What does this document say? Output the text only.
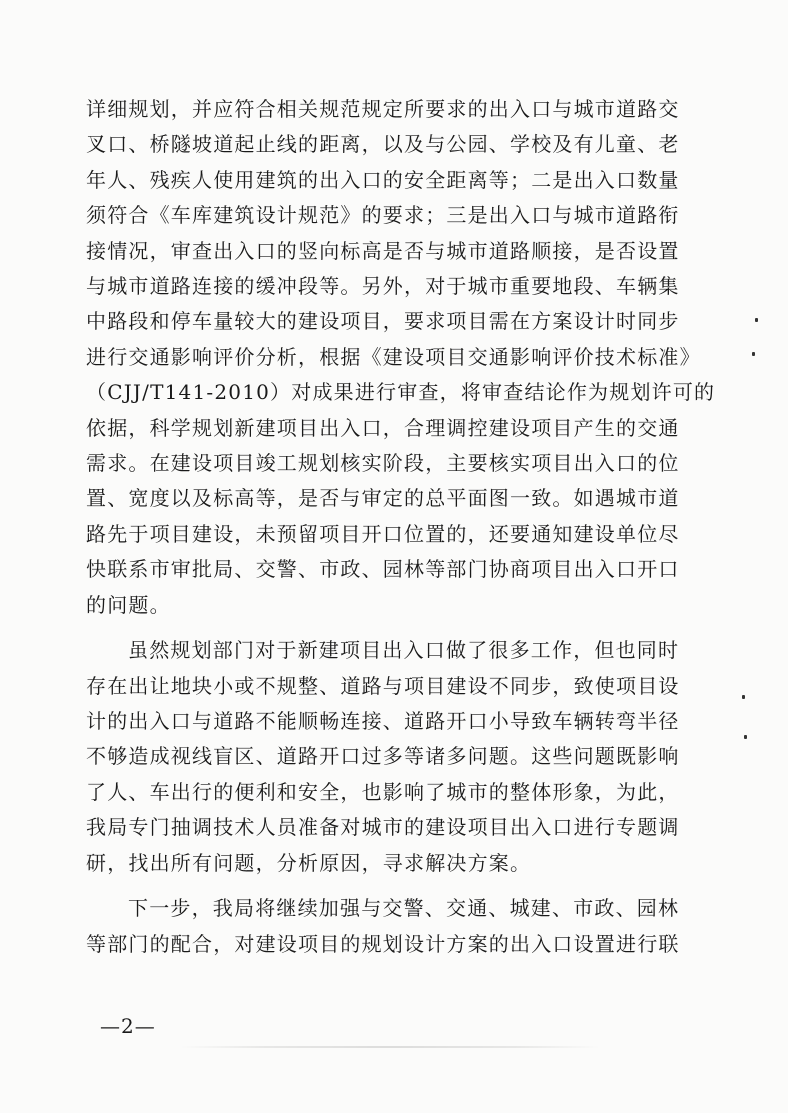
详细规划，并应符合相关规范规定所要求的出入口与城市道路交
叉口、桥隧坡道起止线的距离，以及与公园、学校及有儿童、老
年人、残疾人使用建筑的出入口的安全距离等；二是出入口数量
须符合《车库建筑设计规范》的要求；三是出入口与城市道路衔
接情况，审查出入口的竖向标高是否与城市道路顺接，是否设置
与城市道路连接的缓冲段等。另外，对于城市重要地段、车辆集
中路段和停车量较大的建设项目，要求项目需在方案设计时同步
进行交通影响评价分析，根据《建设项目交通影响评价技术标准》
（CJJ/T141-2010）对成果进行审查，将审查结论作为规划许可的
依据，科学规划新建项目出入口，合理调控建设项目产生的交通
需求。在建设项目竣工规划核实阶段，主要核实项目出入口的位
置、宽度以及标高等，是否与审定的总平面图一致。如遇城市道
路先于项目建设，未预留项目开口位置的，还要通知建设单位尽
快联系市审批局、交警、市政、园林等部门协商项目出入口开口
的问题。
虽然规划部门对于新建项目出入口做了很多工作，但也同时
存在出让地块小或不规整、道路与项目建设不同步，致使项目设
计的出入口与道路不能顺畅连接、道路开口小导致车辆转弯半径
不够造成视线盲区、道路开口过多等诸多问题。这些问题既影响
了人、车出行的便利和安全，也影响了城市的整体形象，为此，
我局专门抽调技术人员准备对城市的建设项目出入口进行专题调
研，找出所有问题，分析原因，寻求解决方案。
下一步，我局将继续加强与交警、交通、城建、市政、园林
等部门的配合，对建设项目的规划设计方案的出入口设置进行联
—2—
